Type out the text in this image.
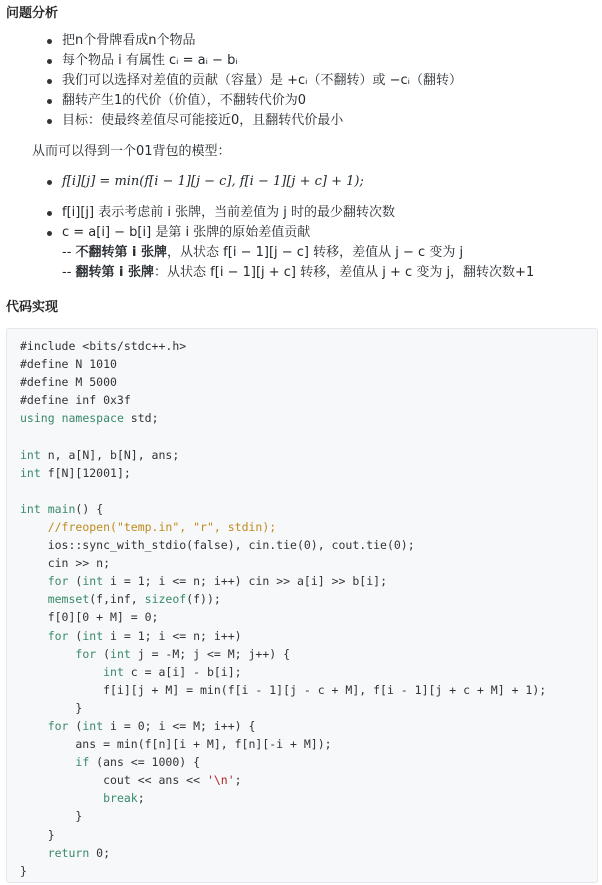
问题分析
把n个骨牌看成n个物品
每个物品 i 有属性 cᵢ = aᵢ − bᵢ
我们可以选择对差值的贡献（容量）是 +cᵢ（不翻转）或 −cᵢ（翻转）
翻转产生1的代价（价值），不翻转代价为0
目标：使最终差值尽可能接近0，且翻转代价最小
从而可以得到一个01背包的模型：
f[i][j] = min(f[i − 1][j − c], f[i − 1][j + c] + 1);
f[i][j] 表示考虑前 i 张牌，当前差值为 j 时的最少翻转次数
c = a[i] − b[i] 是第 i 张牌的原始差值贡献
-- 不翻转第 i 张牌，从状态 f[i − 1][j − c] 转移，差值从 j − c 变为 j
-- 翻转第 i 张牌：从状态 f[i − 1][j + c] 转移，差值从 j + c 变为 j，翻转次数+1
代码实现
#include <bits/stdc++.h>
#define N 1010
#define M 5000
#define inf 0x3f
using namespace std;

int n, a[N], b[N], ans;
int f[N][12001];

int main() {
//freopen("temp.in", "r", stdin);
ios::sync_with_stdio(false), cin.tie(0), cout.tie(0);
cin >> n;
for (int i = 1; i <= n; i++) cin >> a[i] >> b[i];
memset(f,inf, sizeof(f));
f[0][0 + M] = 0;
for (int i = 1; i <= n; i++)
for (int j = -M; j <= M; j++) {
int c = a[i] - b[i];
f[i][j + M] = min(f[i - 1][j - c + M], f[i - 1][j + c + M] + 1);
}
for (int i = 0; i <= M; i++) {
ans = min(f[n][i + M], f[n][-i + M]);
if (ans <= 1000) {
cout << ans << '\n';
break;
}
}
return 0;
}
